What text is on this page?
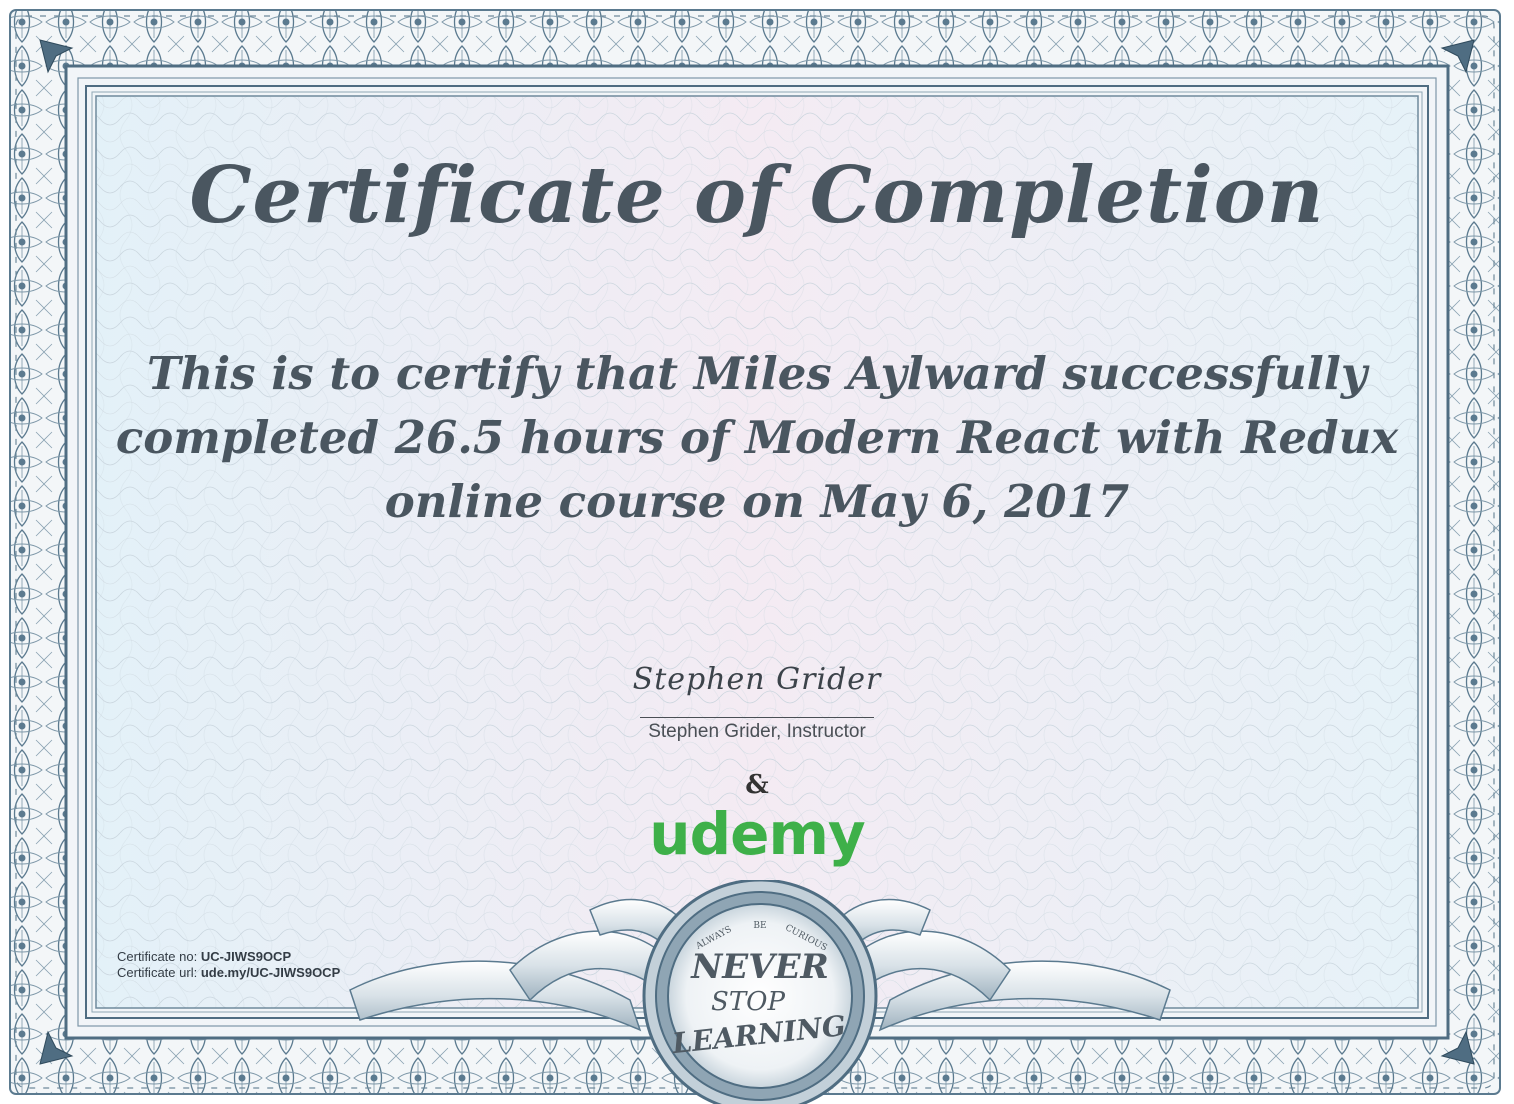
Certificate of Completion
This is to certify that Miles Aylward successfully
completed 26.5 hours of Modern React with Redux
online course on May 6, 2017
Stephen Grider
Stephen Grider, Instructor
&
udemy
Certificate no: UC-JIWS9OCP
Certificate url: ude.my/UC-JIWS9OCP
ALWAYS BE CURIOUS
NEVER
STOP
LEARNING
